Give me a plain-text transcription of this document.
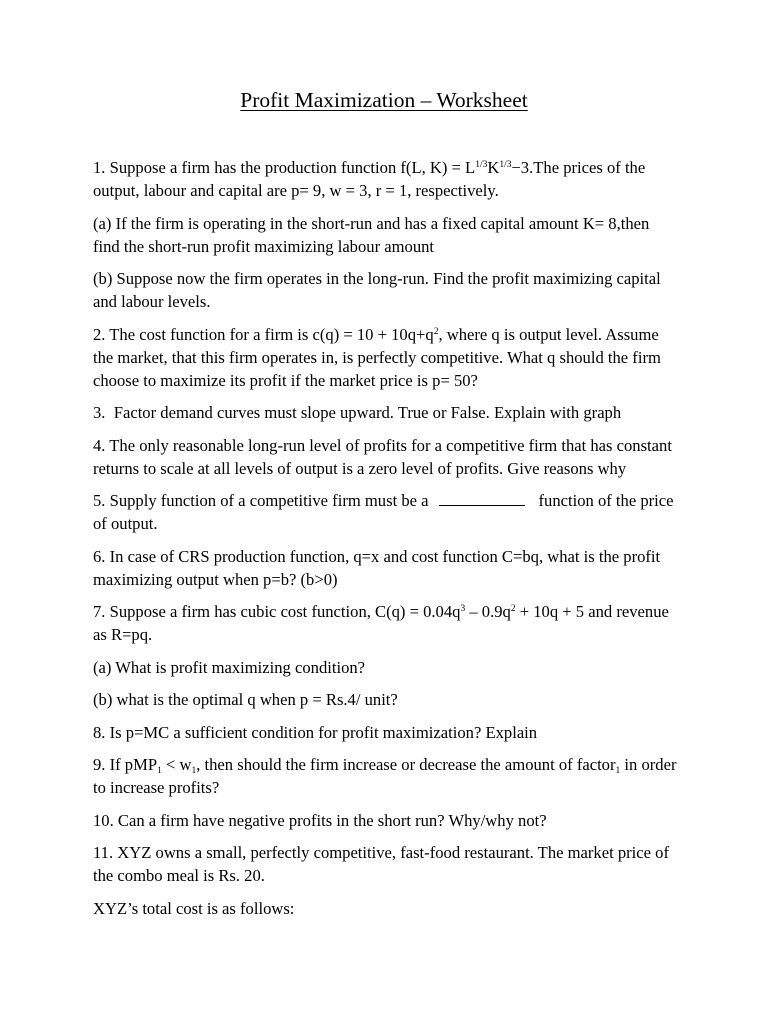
Profit Maximization – Worksheet

1. Suppose a firm has the production function f(L, $K) = L^{1/3}K^{1/3}-3.The$ prices of the output, labour and capital are p= 9, w = 3, r = 1, respectively.

(a) If the firm is operating in the short-run and has a fixed capital amount K= 8,then find the short-run profit maximizing labour amount

(b) Suppose now the firm operates in the long-run. Find the profit maximizing capital and labour levels.

2. The cost function for a firm is $c(q) = 10 + 10q+q^2$, where q is output level. Assume the market, that this firm operates in, is perfectly competitive. What q should the firm choose to maximize its profit if the market price is p= 50?

3.  Factor demand curves must slope upward. True or False. Explain with graph

4. The only reasonable long-run level of profits for a competitive firm that has constant returns to scale at all levels of output is a zero level of profits. Give reasons why

5. Supply function of a competitive firm must be a	function of the price of output.

6. In case of CRS production function, q=x and cost function C=bq, what is the profit maximizing output when p=b? (b>0)

7. Suppose a firm has cubic cost function, $C(q) = 0.04q^3 - 0.9q^2 + 10q + 5$ and revenue as R=pq.

(a) What is profit maximizing condition?

(b) what is the optimal q when p = Rs.4/ unit?

8. Is p=MC a sufficient condition for profit maximization? Explain

9. If $pMP_1 < w_1$, then should the firm increase or decrease the amount of factor$_1$ in order to increase profits?

10. Can a firm have negative profits in the short run? Why/why not?

11. XYZ owns a small, perfectly competitive, fast-food restaurant. The market price of the combo meal is Rs. 20.

XYZ’s total cost is as follows:
